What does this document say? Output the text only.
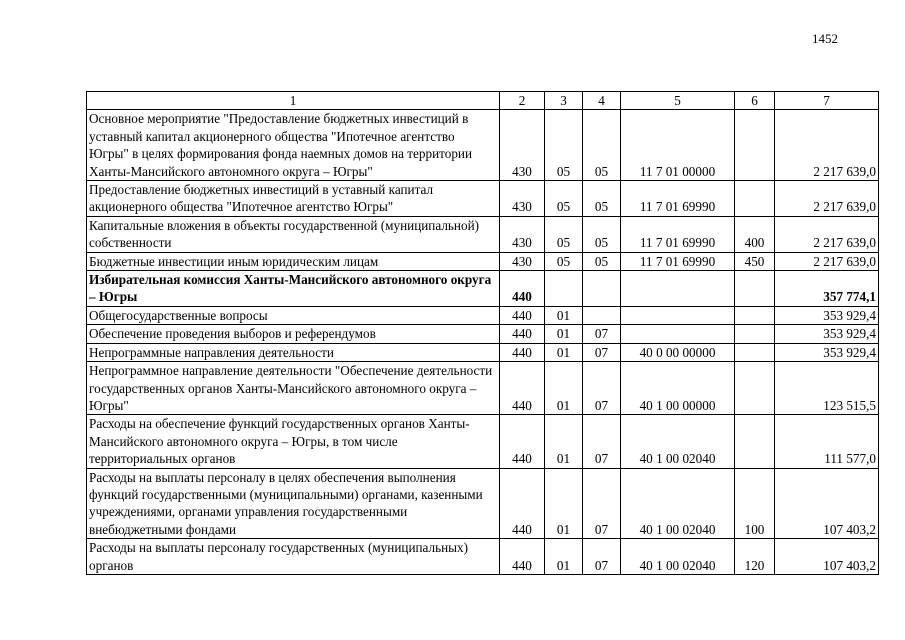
1452
1	2	3	4	5	6	7
Основное мероприятие "Предоставление бюджетных инвестиций в уставный капитал акционерного общества "Ипотечное агентство Югры" в целях формирования фонда наемных домов на территории Ханты-Мансийского автономного округа – Югры"	430	05	05	11 7 01 00000		2 217 639,0
Предоставление бюджетных инвестиций в уставный капитал акционерного общества "Ипотечное агентство Югры"	430	05	05	11 7 01 69990		2 217 639,0
Капитальные вложения в объекты государственной (муниципальной) собственности	430	05	05	11 7 01 69990	400	2 217 639,0
Бюджетные инвестиции иным юридическим лицам	430	05	05	11 7 01 69990	450	2 217 639,0
Избирательная комиссия Ханты-Мансийского автономного округа – Югры	440					357 774,1
Общегосударственные вопросы	440	01				353 929,4
Обеспечение проведения выборов и референдумов	440	01	07			353 929,4
Непрограммные направления деятельности	440	01	07	40 0 00 00000		353 929,4
Непрограммное направление деятельности "Обеспечение деятельности государственных органов Ханты-Мансийского автономного округа – Югры"	440	01	07	40 1 00 00000		123 515,5
Расходы на обеспечение функций государственных органов Ханты-Мансийского автономного округа – Югры, в том числе территориальных органов	440	01	07	40 1 00 02040		111 577,0
Расходы на выплаты персоналу в целях обеспечения выполнения функций государственными (муниципальными) органами, казенными учреждениями, органами управления государственными внебюджетными фондами	440	01	07	40 1 00 02040	100	107 403,2
Расходы на выплаты персоналу государственных (муниципальных) органов	440	01	07	40 1 00 02040	120	107 403,2
